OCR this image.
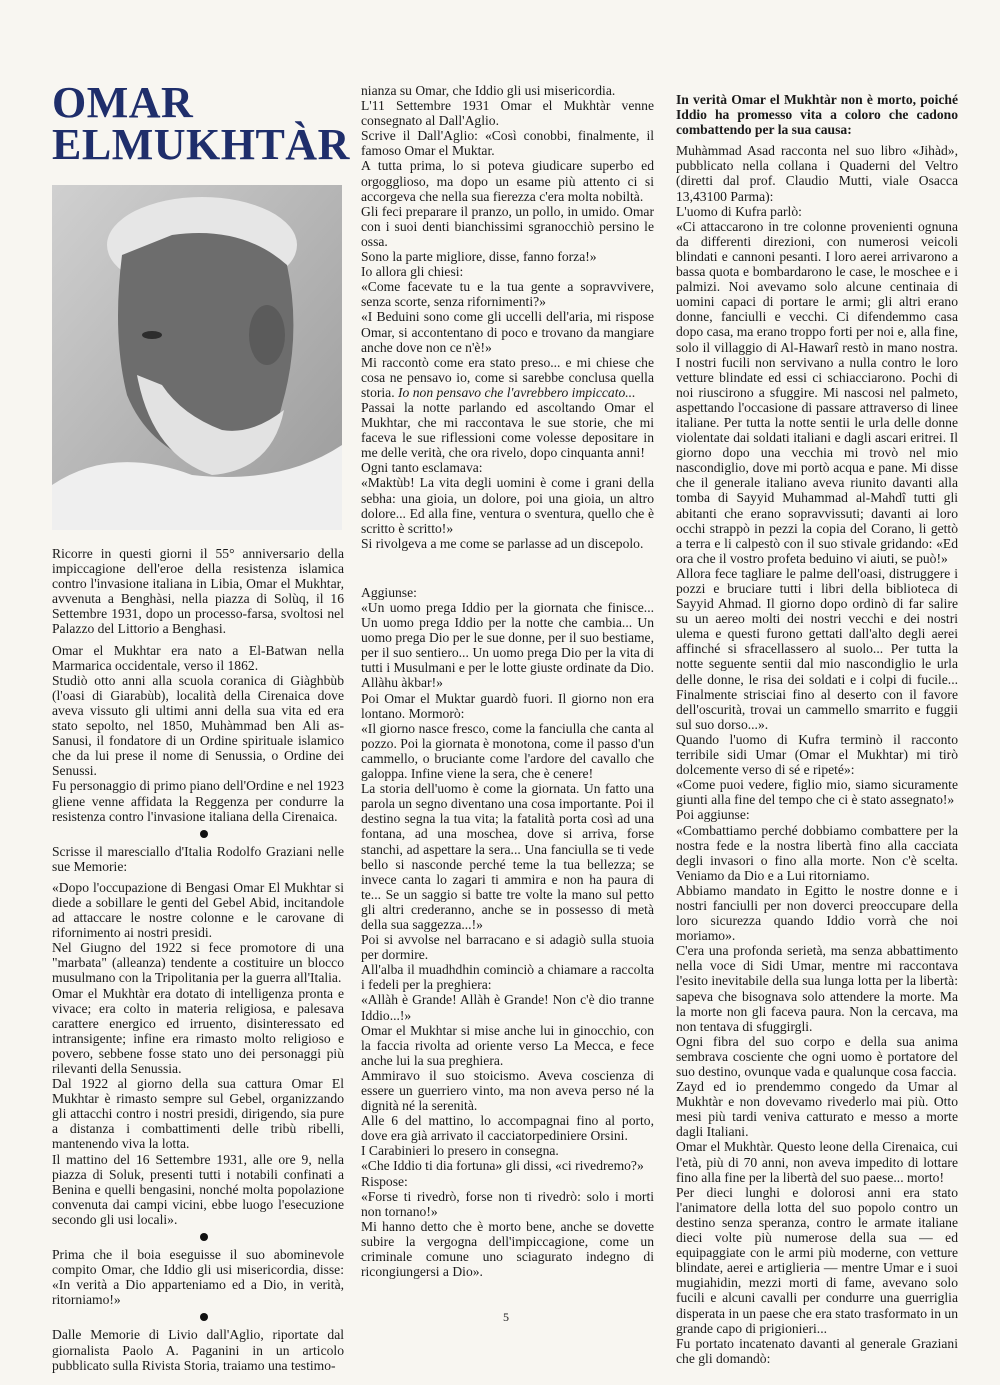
OMAR
ELMUKHTÀR

Ricorre in questi giorni il 55° anniversario della impiccagione dell'eroe della resistenza islamica contro l'invasione italiana in Libia, Omar el Mukhtar, avvenuta a Benghàsi, nella piazza di Solùq, il 16 Settembre 1931, dopo un processo-farsa, svoltosi nel Palazzo del Littorio a Benghasi.

Omar el Mukhtar era nato a El-Batwan nella Marmarica occidentale, verso il 1862.

Studiò otto anni alla scuola coranica di Giàghbùb (l'oasi di Giarabùb), località della Cirenaica dove aveva vissuto gli ultimi anni della sua vita ed era stato sepolto, nel 1850, Muhàmmad ben Ali as-Sanusi, il fondatore di un Ordine spirituale islamico che da lui prese il nome di Senussia, o Ordine dei Senussi.

Fu personaggio di primo piano dell'Ordine e nel 1923 gliene venne affidata la Reggenza per condurre la resistenza contro l'invasione italiana della Cirenaica.

Scrisse il maresciallo d'Italia Rodolfo Graziani nelle sue Memorie:

«Dopo l'occupazione di Bengasi Omar El Mukhtar si diede a sobillare le genti del Gebel Abid, incitandole ad attaccare le nostre colonne e le carovane di rifornimento ai nostri presidi.

Nel Giugno del 1922 si fece promotore di una "marbata" (alleanza) tendente a costituire un blocco musulmano con la Tripolitania per la guerra all'Italia.

Omar el Mukhtàr era dotato di intelligenza pronta e vivace; era colto in materia religiosa, e palesava carattere energico ed irruento, disinteressato ed intransigente; infine era rimasto molto religioso e povero, sebbene fosse stato uno dei personaggi più rilevanti della Senussia.

Dal 1922 al giorno della sua cattura Omar El Mukhtar è rimasto sempre sul Gebel, organizzando gli attacchi contro i nostri presidi, dirigendo, sia pure a distanza i combattimenti delle tribù ribelli, mantenendo viva la lotta.

Il mattino del 16 Settembre 1931, alle ore 9, nella piazza di Soluk, presenti tutti i notabili confinati a Benina e quelli bengasini, nonché molta popolazione convenuta dai campi vicini, ebbe luogo l'esecuzione secondo gli usi locali».

Prima che il boia eseguisse il suo abominevole compito Omar, che Iddio gli usi misericordia, disse: «In verità a Dio apparteniamo ed a Dio, in verità, ritorniamo!»

Dalle Memorie di Livio dall'Aglio, riportate dal giornalista Paolo A. Paganini in un articolo pubblicato sulla Rivista Storia, traiamo una testimo-

nianza su Omar, che Iddio gli usi misericordia.

L'11 Settembre 1931 Omar el Mukhtàr venne consegnato al Dall'Aglio.

Scrive il Dall'Aglio: «Così conobbi, finalmente, il famoso Omar el Muktar.

A tutta prima, lo si poteva giudicare superbo ed orgogglioso, ma dopo un esame più attento ci si accorgeva che nella sua fierezza c'era molta nobiltà.

Gli feci preparare il pranzo, un pollo, in umido. Omar con i suoi denti bianchissimi sgranocchiò persino le ossa.

Sono la parte migliore, disse, fanno forza!»

Io allora gli chiesi:

«Come facevate tu e la tua gente a sopravvivere, senza scorte, senza rifornimenti?»

«I Beduini sono come gli uccelli dell'aria, mi rispose Omar, si accontentano di poco e trovano da mangiare anche dove non ce n'è!»

Mi raccontò come era stato preso... e mi chiese che cosa ne pensavo io, come si sarebbe conclusa quella storia. Io non pensavo che l'avrebbero impiccato...

Passai la notte parlando ed ascoltando Omar el Mukhtar, che mi raccontava le sue storie, che mi faceva le sue riflessioni come volesse depositare in me delle verità, che ora rivelo, dopo cinquanta anni!

Ogni tanto esclamava:

«Maktùb! La vita degli uomini è come i grani della sebha: una gioia, un dolore, poi una gioia, un altro dolore... Ed alla fine, ventura o sventura, quello che è scritto è scritto!»

Si rivolgeva a me come se parlasse ad un discepolo.

Aggiunse:

«Un uomo prega Iddio per la giornata che finisce... Un uomo prega Iddio per la notte che cambia... Un uomo prega Dio per le sue donne, per il suo bestiame, per il suo sentiero... Un uomo prega Dio per la vita di tutti i Musulmani e per le lotte giuste ordinate da Dio. Allàhu àkbar!»

Poi Omar el Muktar guardò fuori. Il giorno non era lontano. Mormorò:

«Il giorno nasce fresco, come la fanciulla che canta al pozzo. Poi la giornata è monotona, come il passo d'un cammello, o bruciante come l'ardore del cavallo che galoppa. Infine viene la sera, che è cenere!

La storia dell'uomo è come la giornata. Un fatto una parola un segno diventano una cosa importante. Poi il destino segna la tua vita; la fatalità porta così ad una fontana, ad una moschea, dove si arriva, forse stanchi, ad aspettare la sera... Una fanciulla se ti vede bello si nasconde perché teme la tua bellezza; se invece canta lo zagari ti ammira e non ha paura di te... Se un saggio si batte tre volte la mano sul petto gli altri crederanno, anche se in possesso di metà della sua saggezza...!»

Poi si avvolse nel barracano e si adagiò sulla stuoia per dormire.

All'alba il muadhdhin cominciò a chiamare a raccolta i fedeli per la preghiera:

«Allàh è Grande! Allàh è Grande! Non c'è dio tranne Iddio...!»

Omar el Mukhtar si mise anche lui in ginocchio, con la faccia rivolta ad oriente verso La Mecca, e fece anche lui la sua preghiera.

Ammiravo il suo stoicismo. Aveva coscienza di essere un guerriero vinto, ma non aveva perso né la dignità né la serenità.

Alle 6 del mattino, lo accompagnai fino al porto, dove era già arrivato il cacciatorpediniere Orsini.

I Carabinieri lo presero in consegna.

«Che Iddio ti dia fortuna» gli dissi, «ci rivedremo?»

Rispose:

«Forse ti rivedrò, forse non ti rivedrò: solo i morti non tornano!»

Mi hanno detto che è morto bene, anche se dovette subire la vergogna dell'impiccagione, come un criminale comune uno sciagurato indegno di ricongiungersi a Dio».

In verità Omar el Mukhtàr non è morto, poiché Iddio ha promesso vita a coloro che cadono combattendo per la sua causa:

Muhàmmad Asad racconta nel suo libro «Jihàd», pubblicato nella collana i Quaderni del Veltro (diretti dal prof. Claudio Mutti, viale Osacca 13,43100 Parma):

L'uomo di Kufra parlò:

«Ci attaccarono in tre colonne provenienti ognuna da differenti direzioni, con numerosi veicoli blindati e cannoni pesanti. I loro aerei arrivarono a bassa quota e bombardarono le case, le moschee e i palmizi. Noi avevamo solo alcune centinaia di uomini capaci di portare le armi; gli altri erano donne, fanciulli e vecchi. Ci difendemmo casa dopo casa, ma erano troppo forti per noi e, alla fine, solo il villaggio di Al-Hawarî restò in mano nostra. I nostri fucili non servivano a nulla contro le loro vetture blindate ed essi ci schiacciarono. Pochi di noi riuscirono a sfuggire. Mi nascosi nel palmeto, aspettando l'occasione di passare attraverso di linee italiane. Per tutta la notte sentii le urla delle donne violentate dai soldati italiani e dagli ascari eritrei. Il giorno dopo una vecchia mi trovò nel mio nascondiglio, dove mi portò acqua e pane. Mi disse che il generale italiano aveva riunito davanti alla tomba di Sayyid Muhammad al-Mahdî tutti gli abitanti che erano sopravvissuti; davanti ai loro occhi strappò in pezzi la copia del Corano, li gettò a terra e li calpestò con il suo stivale gridando: «Ed ora che il vostro profeta beduino vi aiuti, se può!»

Allora fece tagliare le palme dell'oasi, distruggere i pozzi e bruciare tutti i libri della biblioteca di Sayyid Ahmad. Il giorno dopo ordinò di far salire su un aereo molti dei nostri vecchi e dei nostri ulema e questi furono gettati dall'alto degli aerei affinché si sfracellassero al suolo... Per tutta la notte seguente sentii dal mio nascondiglio le urla delle donne, le risa dei soldati e i colpi di fucile... Finalmente strisciai fino al deserto con il favore dell'oscurità, trovai un cammello smarrito e fuggii sul suo dorso...».

Quando l'uomo di Kufra terminò il racconto terribile sidi Umar (Omar el Mukhtar) mi tirò dolcemente verso di sé e ripeté»:

«Come puoi vedere, figlio mio, siamo sicuramente giunti alla fine del tempo che ci è stato assegnato!»

Poi aggiunse:

«Combattiamo perché dobbiamo combattere per la nostra fede e la nostra libertà fino alla cacciata degli invasori o fino alla morte. Non c'è scelta. Veniamo da Dio e a Lui ritorniamo.

Abbiamo mandato in Egitto le nostre donne e i nostri fanciulli per non doverci preoccupare della loro sicurezza quando Iddio vorrà che noi moriamo».

C'era una profonda serietà, ma senza abbattimento nella voce di Sidi Umar, mentre mi raccontava l'esito inevitabile della sua lunga lotta per la libertà: sapeva che bisognava solo attendere la morte. Ma la morte non gli faceva paura. Non la cercava, ma non tentava di sfuggirgli.

Ogni fibra del suo corpo e della sua anima sembrava cosciente che ogni uomo è portatore del suo destino, ovunque vada e qualunque cosa faccia.

Zayd ed io prendemmo congedo da Umar al Mukhtàr e non dovevamo rivederlo mai più. Otto mesi più tardi veniva catturato e messo a morte dagli Italiani.

Omar el Mukhtàr. Questo leone della Cirenaica, cui l'età, più di 70 anni, non aveva impedito di lottare fino alla fine per la libertà del suo paese... morto!

Per dieci lunghi e dolorosi anni era stato l'animatore della lotta del suo popolo contro un destino senza speranza, contro le armate italiane dieci volte più numerose della sua — ed equipaggiate con le armi più moderne, con vetture blindate, aerei e artiglieria — mentre Umar e i suoi mugiahidin, mezzi morti di fame, avevano solo fucili e alcuni cavalli per condurre una guerriglia disperata in un paese che era stato trasformato in un grande capo di prigionieri...

Fu portato incatenato davanti al generale Graziani che gli domandò:

5
